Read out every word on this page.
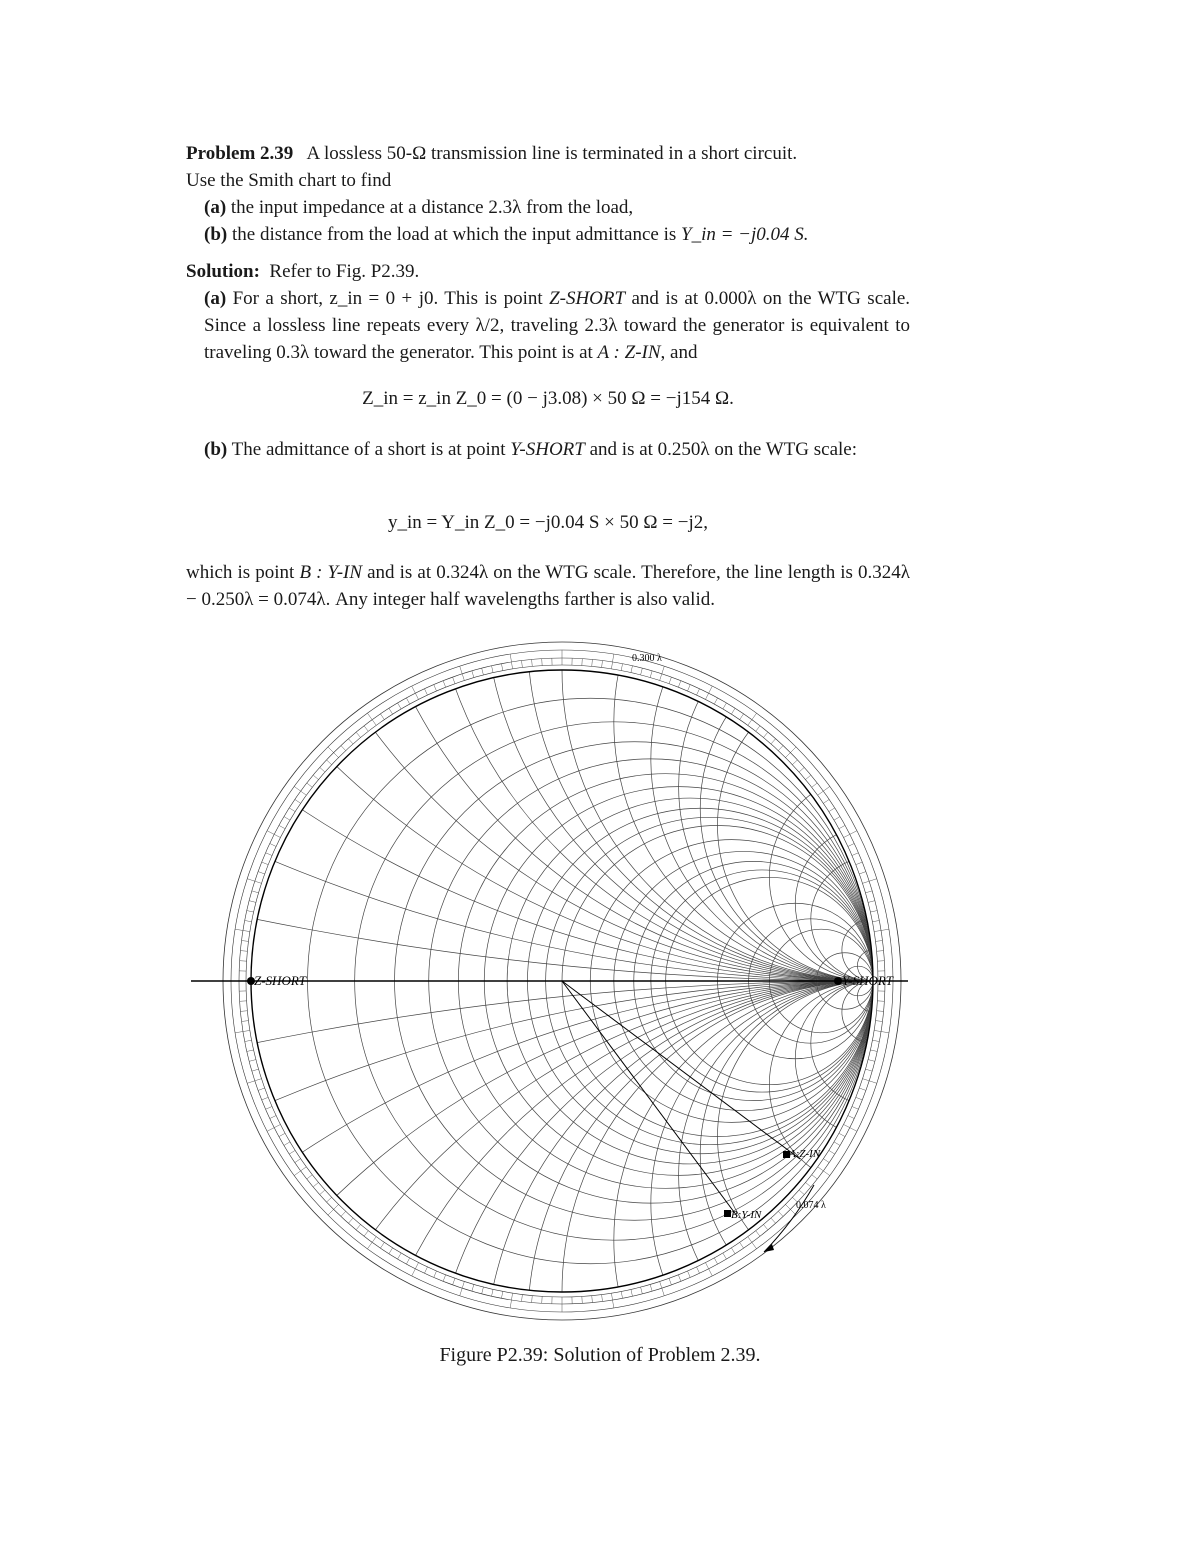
Problem 2.39 A lossless 50-Ω transmission line is terminated in a short circuit.

Use the Smith chart to find

(a) the input impedance at a distance 2.3λ from the load,

(b) the distance from the load at which the input admittance is Y_in = −j0.04 S.

Solution: Refer to Fig. P2.39.

(a) For a short, z_in = 0 + j0. This is point Z-SHORT and is at 0.000λ on the WTG scale. Since a lossless line repeats every λ/2, traveling 2.3λ toward the generator is equivalent to traveling 0.3λ toward the generator. This point is at A : Z-IN, and

Z_in = z_in Z_0 = (0 − j3.08) × 50 Ω = −j154 Ω.

(b) The admittance of a short is at point Y-SHORT and is at 0.250λ on the WTG scale:

y_in = Y_in Z_0 = −j0.04 S × 50 Ω = −j2,

which is point B : Y-IN and is at 0.324λ on the WTG scale. Therefore, the line length is 0.324λ − 0.250λ = 0.074λ. Any integer half wavelengths farther is also valid.

Z-SHORT	Y-SHORT
A:Z-IN
B:Y-IN
0.300 λ
0.074 λ
Figure P2.39: Solution of Problem 2.39.
